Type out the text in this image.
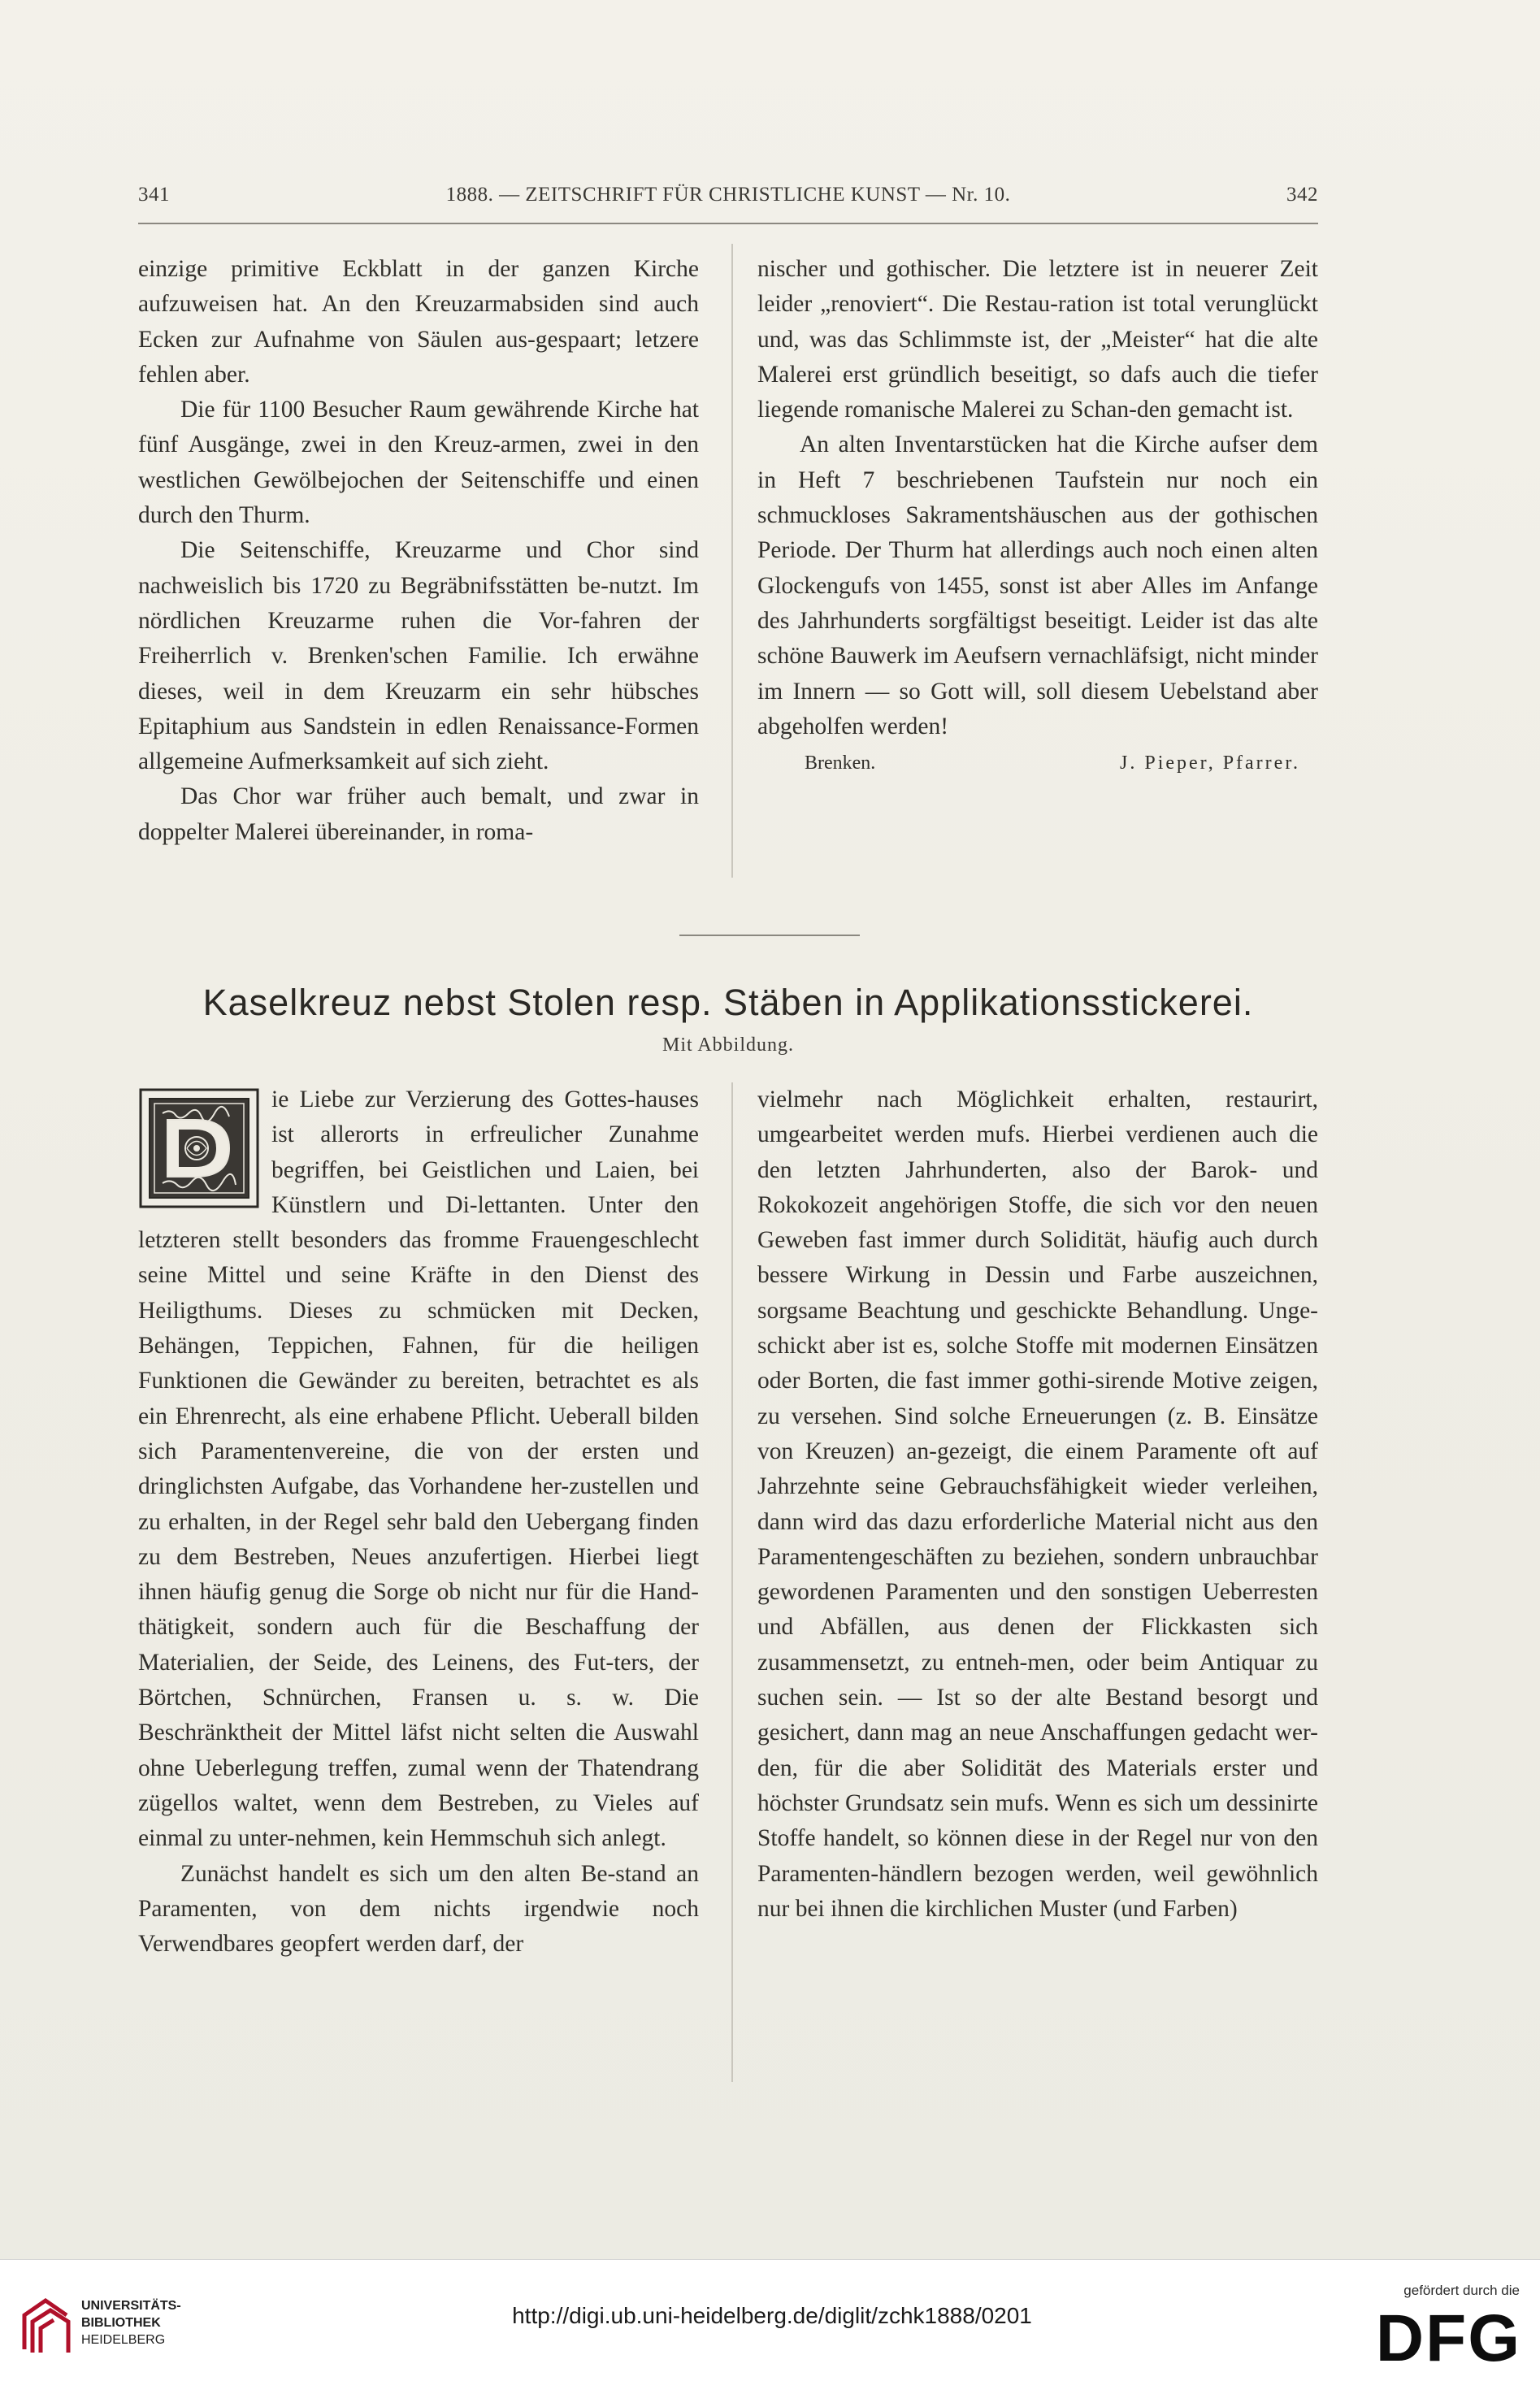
341	1888. — ZEITSCHRIFT FÜR CHRISTLICHE KUNST — Nr. 10.	342

einzige primitive Eckblatt in der ganzen Kirche aufzuweisen hat. An den Kreuzarmabsiden sind auch Ecken zur Aufnahme von Säulen aus-gespaart; letzere fehlen aber.

Die für 1100 Besucher Raum gewährende Kirche hat fünf Ausgänge, zwei in den Kreuz-armen, zwei in den westlichen Gewölbejochen der Seitenschiffe und einen durch den Thurm.

Die Seitenschiffe, Kreuzarme und Chor sind nachweislich bis 1720 zu Begräbnifsstätten be-nutzt. Im nördlichen Kreuzarme ruhen die Vor-fahren der Freiherrlich v. Brenken'schen Familie. Ich erwähne dieses, weil in dem Kreuzarm ein sehr hübsches Epitaphium aus Sandstein in edlen Renaissance-Formen allgemeine Aufmerksamkeit auf sich zieht.

Das Chor war früher auch bemalt, und zwar in doppelter Malerei übereinander, in roma-

nischer und gothischer. Die letztere ist in neuerer Zeit leider „renoviert“. Die Restau-ration ist total verunglückt und, was das Schlimmste ist, der „Meister“ hat die alte Malerei erst gründlich beseitigt, so dafs auch die tiefer liegende romanische Malerei zu Schan-den gemacht ist.

An alten Inventarstücken hat die Kirche aufser dem in Heft 7 beschriebenen Taufstein nur noch ein schmuckloses Sakramentshäuschen aus der gothischen Periode. Der Thurm hat allerdings auch noch einen alten Glockengufs von 1455, sonst ist aber Alles im Anfange des Jahrhunderts sorgfältigst beseitigt. Leider ist das alte schöne Bauwerk im Aeufsern vernachläfsigt, nicht minder im Innern — so Gott will, soll diesem Uebelstand aber abgeholfen werden!

Brenken.	J. Pieper, Pfarrer.
Kaselkreuz nebst Stolen resp. Stäben in Applikationsstickerei.
Mit Abbildung.

ie Liebe zur Verzierung des Gottes-hauses ist allerorts in erfreulicher Zunahme begriffen, bei Geistlichen und Laien, bei Künstlern und Di-lettanten. Unter den letzteren stellt besonders das fromme Frauengeschlecht seine Mittel und seine Kräfte in den Dienst des Heiligthums. Dieses zu schmücken mit Decken, Behängen, Teppichen, Fahnen, für die heiligen Funktionen die Gewänder zu bereiten, betrachtet es als ein Ehrenrecht, als eine erhabene Pflicht. Ueberall bilden sich Paramentenvereine, die von der ersten und dringlichsten Aufgabe, das Vorhandene her-zustellen und zu erhalten, in der Regel sehr bald den Uebergang finden zu dem Bestreben, Neues anzufertigen. Hierbei liegt ihnen häufig genug die Sorge ob nicht nur für die Hand-thätigkeit, sondern auch für die Beschaffung der Materialien, der Seide, des Leinens, des Fut-ters, der Börtchen, Schnürchen, Fransen u. s. w. Die Beschränktheit der Mittel läfst nicht selten die Auswahl ohne Ueberlegung treffen, zumal wenn der Thatendrang zügellos waltet, wenn dem Bestreben, zu Vieles auf einmal zu unter-nehmen, kein Hemmschuh sich anlegt.

Zunächst handelt es sich um den alten Be-stand an Paramenten, von dem nichts irgendwie noch Verwendbares geopfert werden darf, der

vielmehr nach Möglichkeit erhalten, restaurirt, umgearbeitet werden mufs. Hierbei verdienen auch die den letzten Jahrhunderten, also der Barok- und Rokokozeit angehörigen Stoffe, die sich vor den neuen Geweben fast immer durch Solidität, häufig auch durch bessere Wirkung in Dessin und Farbe auszeichnen, sorgsame Beachtung und geschickte Behandlung. Unge-schickt aber ist es, solche Stoffe mit modernen Einsätzen oder Borten, die fast immer gothi-sirende Motive zeigen, zu versehen. Sind solche Erneuerungen (z. B. Einsätze von Kreuzen) an-gezeigt, die einem Paramente oft auf Jahrzehnte seine Gebrauchsfähigkeit wieder verleihen, dann wird das dazu erforderliche Material nicht aus den Paramentengeschäften zu beziehen, sondern unbrauchbar gewordenen Paramenten und den sonstigen Ueberresten und Abfällen, aus denen der Flickkasten sich zusammensetzt, zu entneh-men, oder beim Antiquar zu suchen sein. — Ist so der alte Bestand besorgt und gesichert, dann mag an neue Anschaffungen gedacht wer-den, für die aber Solidität des Materials erster und höchster Grundsatz sein mufs. Wenn es sich um dessinirte Stoffe handelt, so können diese in der Regel nur von den Paramenten-händlern bezogen werden, weil gewöhnlich nur bei ihnen die kirchlichen Muster (und Farben)

UNIVERSITÄTS-
BIBLIOTHEK
HEIDELBERG
http://digi.ub.uni-heidelberg.de/diglit/zchk1888/0201
gefördert durch die
DFG
